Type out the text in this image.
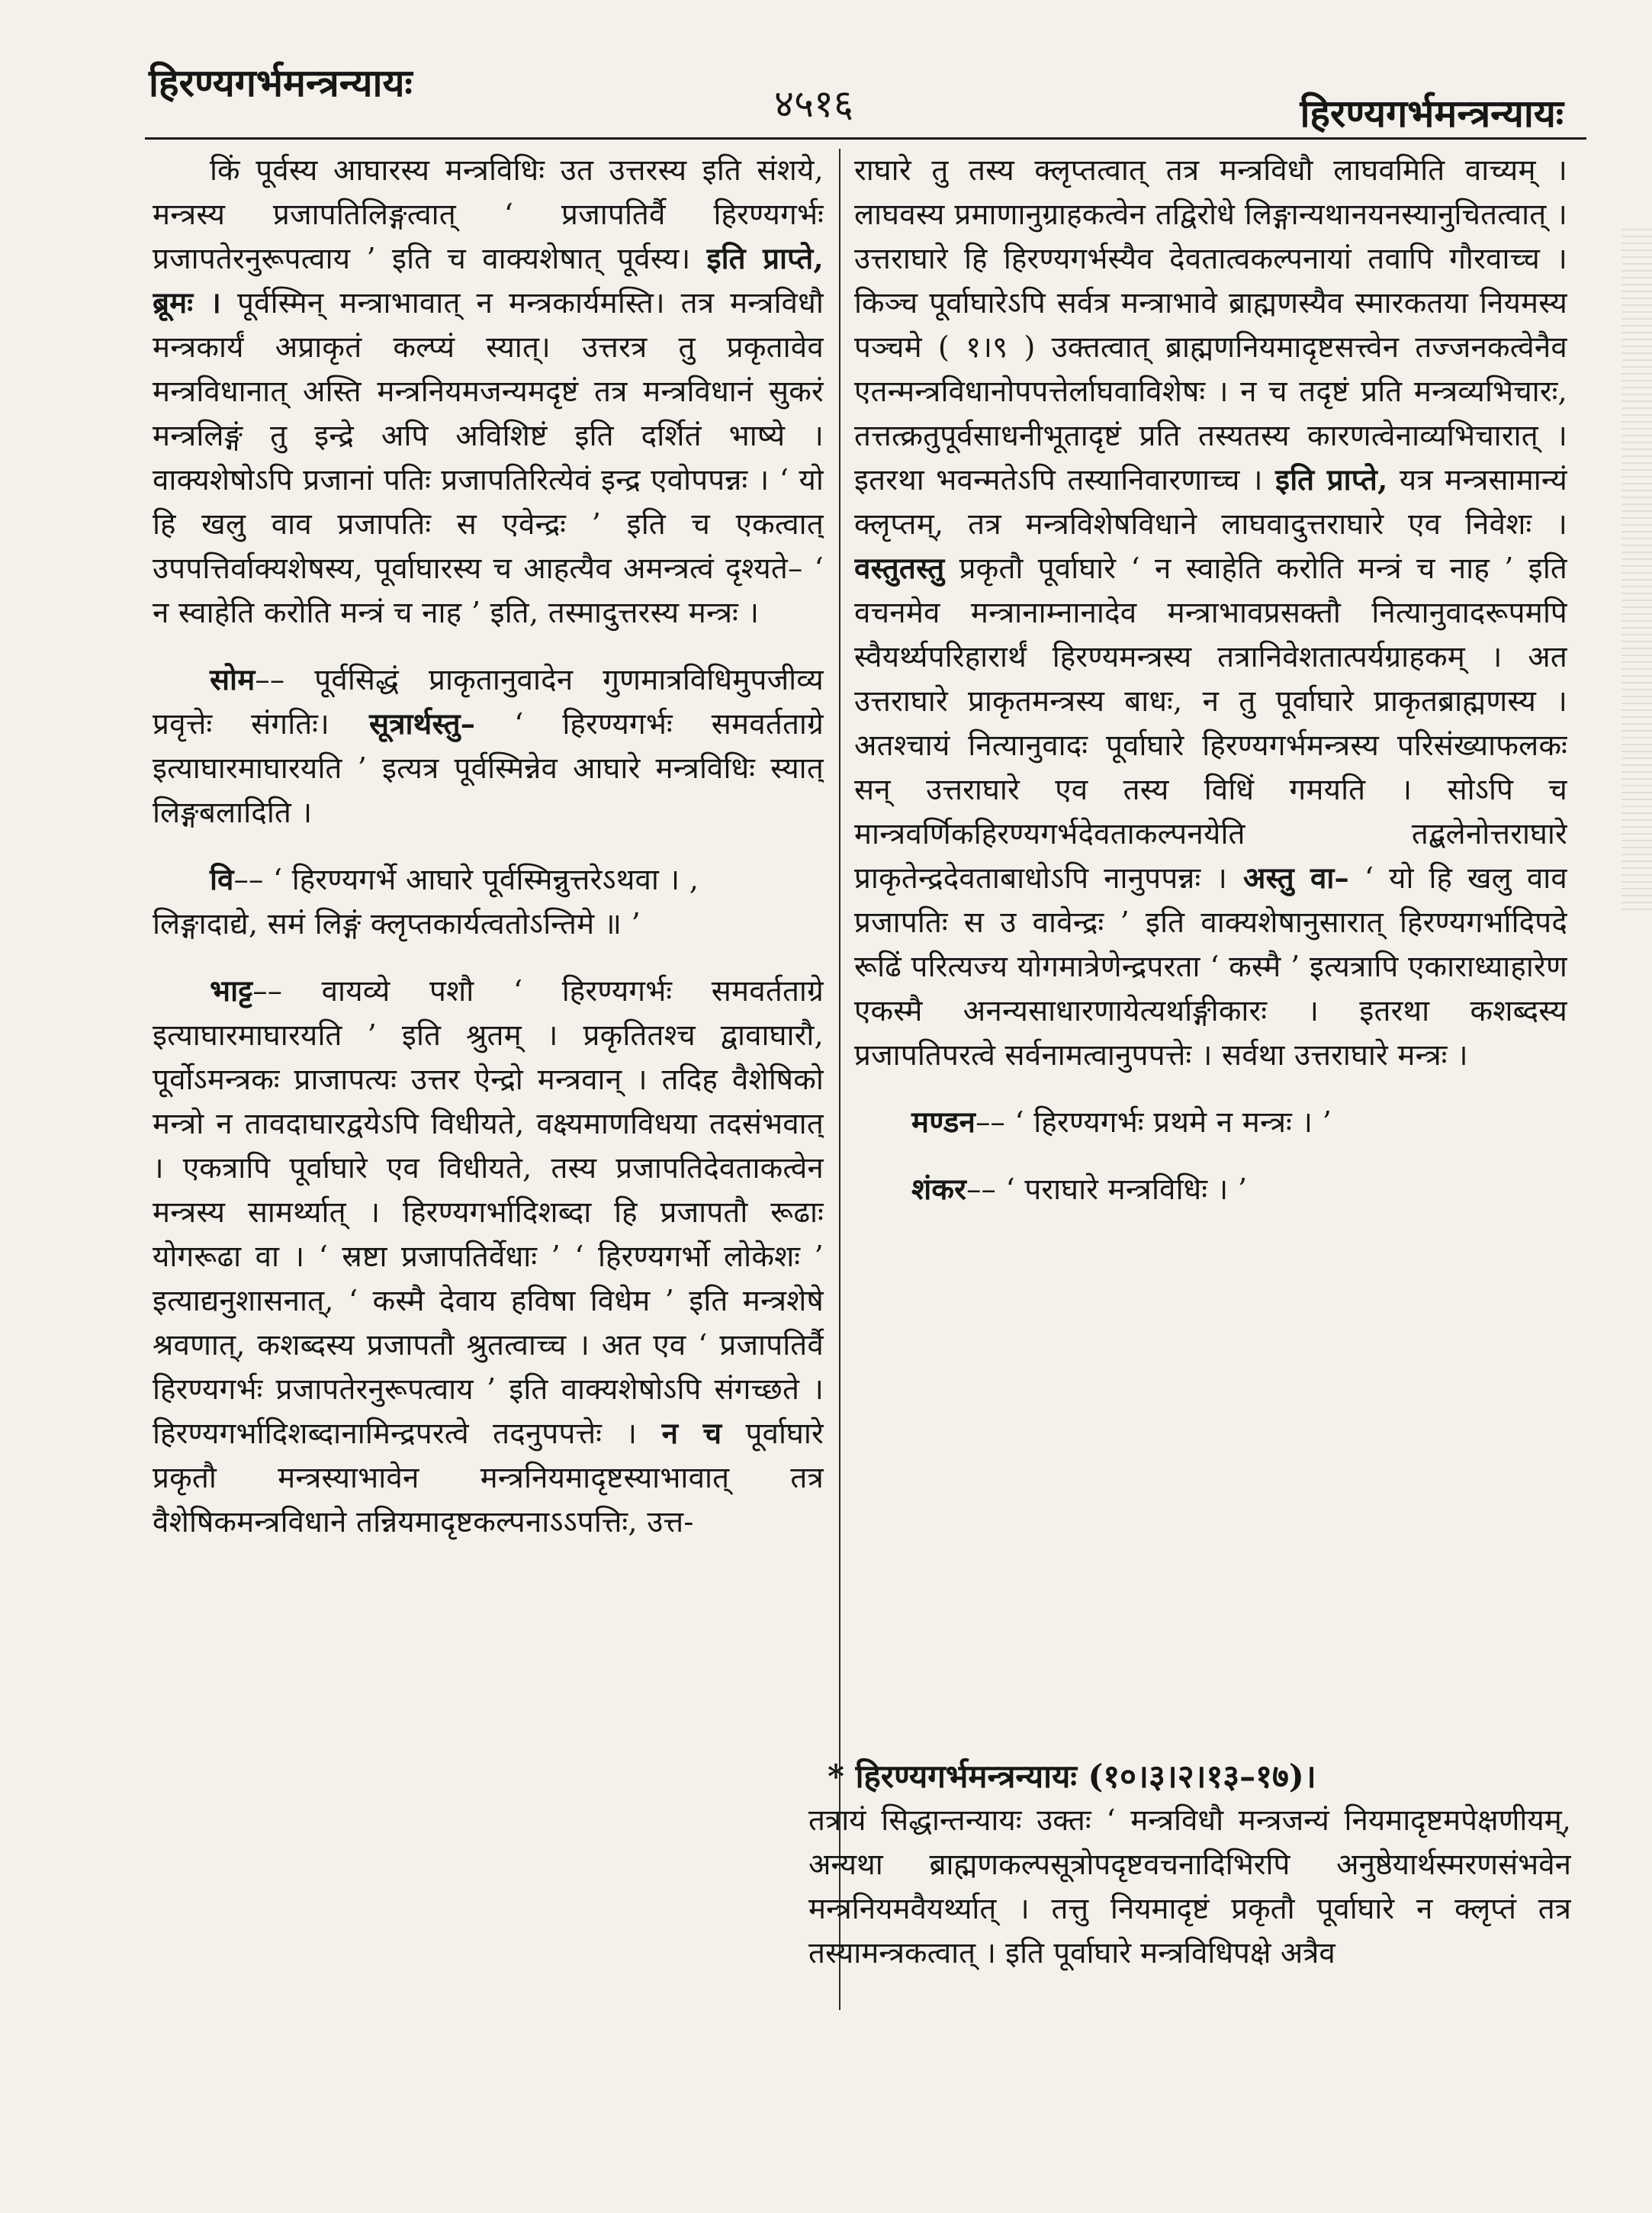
हिरण्यगर्भमन्त्रन्यायः	४५१६	हिरण्यगर्भमन्त्रन्यायः

किं पूर्वस्य आघारस्य मन्त्रविधिः उत उत्तरस्य इति संशये, मन्त्रस्य प्रजापतिलिङ्गत्वात् ‘ प्रजापतिर्वै हिरण्यगर्भः प्रजापतेरनुरूपत्वाय ’ इति च वाक्यशेषात् पूर्वस्य। इति प्राप्ते, ब्रूमः । पूर्वस्मिन् मन्त्राभावात् न मन्त्रकार्यमस्ति। तत्र मन्त्रविधौ मन्त्रकार्यं अप्राकृतं कल्प्यं स्यात्। उत्तरत्र तु प्रकृतावेव मन्त्रविधानात् अस्ति मन्त्रनियमजन्यमदृष्टं तत्र मन्त्रविधानं सुकरं मन्त्रलिङ्गं तु इन्द्रे अपि अविशिष्टं इति दर्शितं भाष्ये । वाक्यशेषोऽपि प्रजानां पतिः प्रजापतिरित्येवं इन्द्र एवोपपन्नः । ‘ यो हि खलु वाव प्रजापतिः स एवेन्द्रः ’ इति च एकत्वात् उपपत्तिर्वाक्यशेषस्य, पूर्वाघारस्य च आहत्यैव अमन्त्रत्वं दृश्यते– ‘ न स्वाहेति करोति मन्त्रं च नाह ’ इति, तस्मादुत्तरस्य मन्त्रः ।

सोम–– पूर्वसिद्धं प्राकृतानुवादेन गुणमात्रविधिमुपजीव्य प्रवृत्तेः संगतिः। सूत्रार्थस्तु– ‘ हिरण्यगर्भः समवर्तताग्रे इत्याघारमाघारयति ’ इत्यत्र पूर्वस्मिन्नेव आघारे मन्त्रविधिः स्यात् लिङ्गबलादिति ।

वि–– ‘ हिरण्यगर्भे आघारे पूर्वस्मिन्नुत्तरेऽथवा । ,

लिङ्गादाद्ये, समं लिङ्गं क्लृप्तकार्यत्वतोऽन्तिमे ॥ ’

भाट्ट–– वायव्ये पशौ ‘ हिरण्यगर्भः समवर्तताग्रे इत्याघारमाघारयति ’ इति श्रुतम् । प्रकृतितश्च द्वावाघारौ, पूर्वोऽमन्त्रकः प्राजापत्यः उत्तर ऐन्द्रो मन्त्रवान् । तदिह वैशेषिको मन्त्रो न तावदाघारद्वयेऽपि विधीयते, वक्ष्यमाणविधया तदसंभवात् । एकत्रापि पूर्वाघारे एव विधीयते, तस्य प्रजापतिदेवताकत्वेन मन्त्रस्य सामर्थ्यात् । हिरण्यगर्भादिशब्दा हि प्रजापतौ रूढाः योगरूढा वा । ‘ स्रष्टा प्रजापतिर्वेधाः ’ ‘ हिरण्यगर्भो लोकेशः ’ इत्याद्यनुशासनात्, ‘ कस्मै देवाय हविषा विधेम ’ इति मन्त्रशेषे श्रवणात्, कशब्दस्य प्रजापतौ श्रुतत्वाच्च । अत एव ‘ प्रजापतिर्वै हिरण्यगर्भः प्रजापतेरनुरूपत्वाय ’ इति वाक्यशेषोऽपि संगच्छते । हिरण्यगर्भादिशब्दानामिन्द्रपरत्वे तदनुपपत्तेः । न च पूर्वाघारे प्रकृतौ मन्त्रस्याभावेन मन्त्रनियमादृष्टस्याभावात् तत्र वैशेषिकमन्त्रविधाने तन्नियमादृष्टकल्पनाऽऽपत्तिः, उत्त-

राघारे तु तस्य क्लृप्तत्वात् तत्र मन्त्रविधौ लाघवमिति वाच्यम् । लाघवस्य प्रमाणानुग्राहकत्वेन तद्विरोधे लिङ्गान्यथानयनस्यानुचितत्वात् । उत्तराघारे हि हिरण्यगर्भस्यैव देवतात्वकल्पनायां तवापि गौरवाच्च । किञ्च पूर्वाघारेऽपि सर्वत्र मन्त्राभावे ब्राह्मणस्यैव स्मारकतया नियमस्य पञ्चमे ( १।९ ) उक्तत्वात् ब्राह्मणनियमादृष्टसत्त्वेन तज्जनकत्वेनैव एतन्मन्त्रविधानोपपत्तेर्लाघवाविशेषः । न च तदृष्टं प्रति मन्त्रव्यभिचारः, तत्तत्क्रतुपूर्वसाधनीभूतादृष्टं प्रति तस्यतस्य कारणत्वेनाव्यभिचारात् । इतरथा भवन्मतेऽपि तस्यानिवारणाच्च । इति प्राप्ते, यत्र मन्त्रसामान्यं क्लृप्तम्, तत्र मन्त्रविशेषविधाने लाघवादुत्तराघारे एव निवेशः । वस्तुतस्तु प्रकृतौ पूर्वाघारे ‘ न स्वाहेति करोति मन्त्रं च नाह ’ इति वचनमेव मन्त्रानाम्नानादेव मन्त्राभावप्रसक्तौ नित्यानुवादरूपमपि स्वैयर्थ्यपरिहारार्थं हिरण्यमन्त्रस्य तत्रानिवेशतात्पर्यग्राहकम् । अत उत्तराघारे प्राकृतमन्त्रस्य बाधः, न तु पूर्वाघारे प्राकृतब्राह्मणस्य । अतश्चायं नित्यानुवादः पूर्वाघारे हिरण्यगर्भमन्त्रस्य परिसंख्याफलकः सन् उत्तराघारे एव तस्य विधिं गमयति । सोऽपि च मान्त्रवर्णिकहिरण्यगर्भदेवताकल्पनयेति तद्बलेनोत्तराघारे प्राकृतेन्द्रदेवताबाधोऽपि नानुपपन्नः । अस्तु वा– ‘ यो हि खलु वाव प्रजापतिः स उ वावेन्द्रः ’ इति वाक्यशेषानुसारात् हिरण्यगर्भादिपदे रूढिं परित्यज्य योगमात्रेणेन्द्रपरता ‘ कस्मै ’ इत्यत्रापि एकाराध्याहारेण एकस्मै अनन्यसाधारणायेत्यर्थाङ्गीकारः । इतरथा कशब्दस्य प्रजापतिपरत्वे सर्वनामत्वानुपपत्तेः । सर्वथा उत्तराघारे मन्त्रः ।

मण्डन–– ‘ हिरण्यगर्भः प्रथमे न मन्त्रः । ’

शंकर–– ‘ पराघारे मन्त्रविधिः । ’

* हिरण्यगर्भमन्त्रन्यायः (१०।३।२।१३–१७)।

तत्रायं सिद्धान्तन्यायः उक्तः ‘ मन्त्रविधौ मन्त्रजन्यं नियमादृष्टमपेक्षणीयम्, अन्यथा ब्राह्मणकल्पसूत्रोपदृष्टवचनादिभिरपि अनुष्ठेयार्थस्मरणसंभवेन मन्त्रनियमवैयर्थ्यात् । तत्तु नियमादृष्टं प्रकृतौ पूर्वाघारे न क्लृप्तं तत्र तस्यामन्त्रकत्वात् । इति पूर्वाघारे मन्त्रविधिपक्षे अत्रैव
